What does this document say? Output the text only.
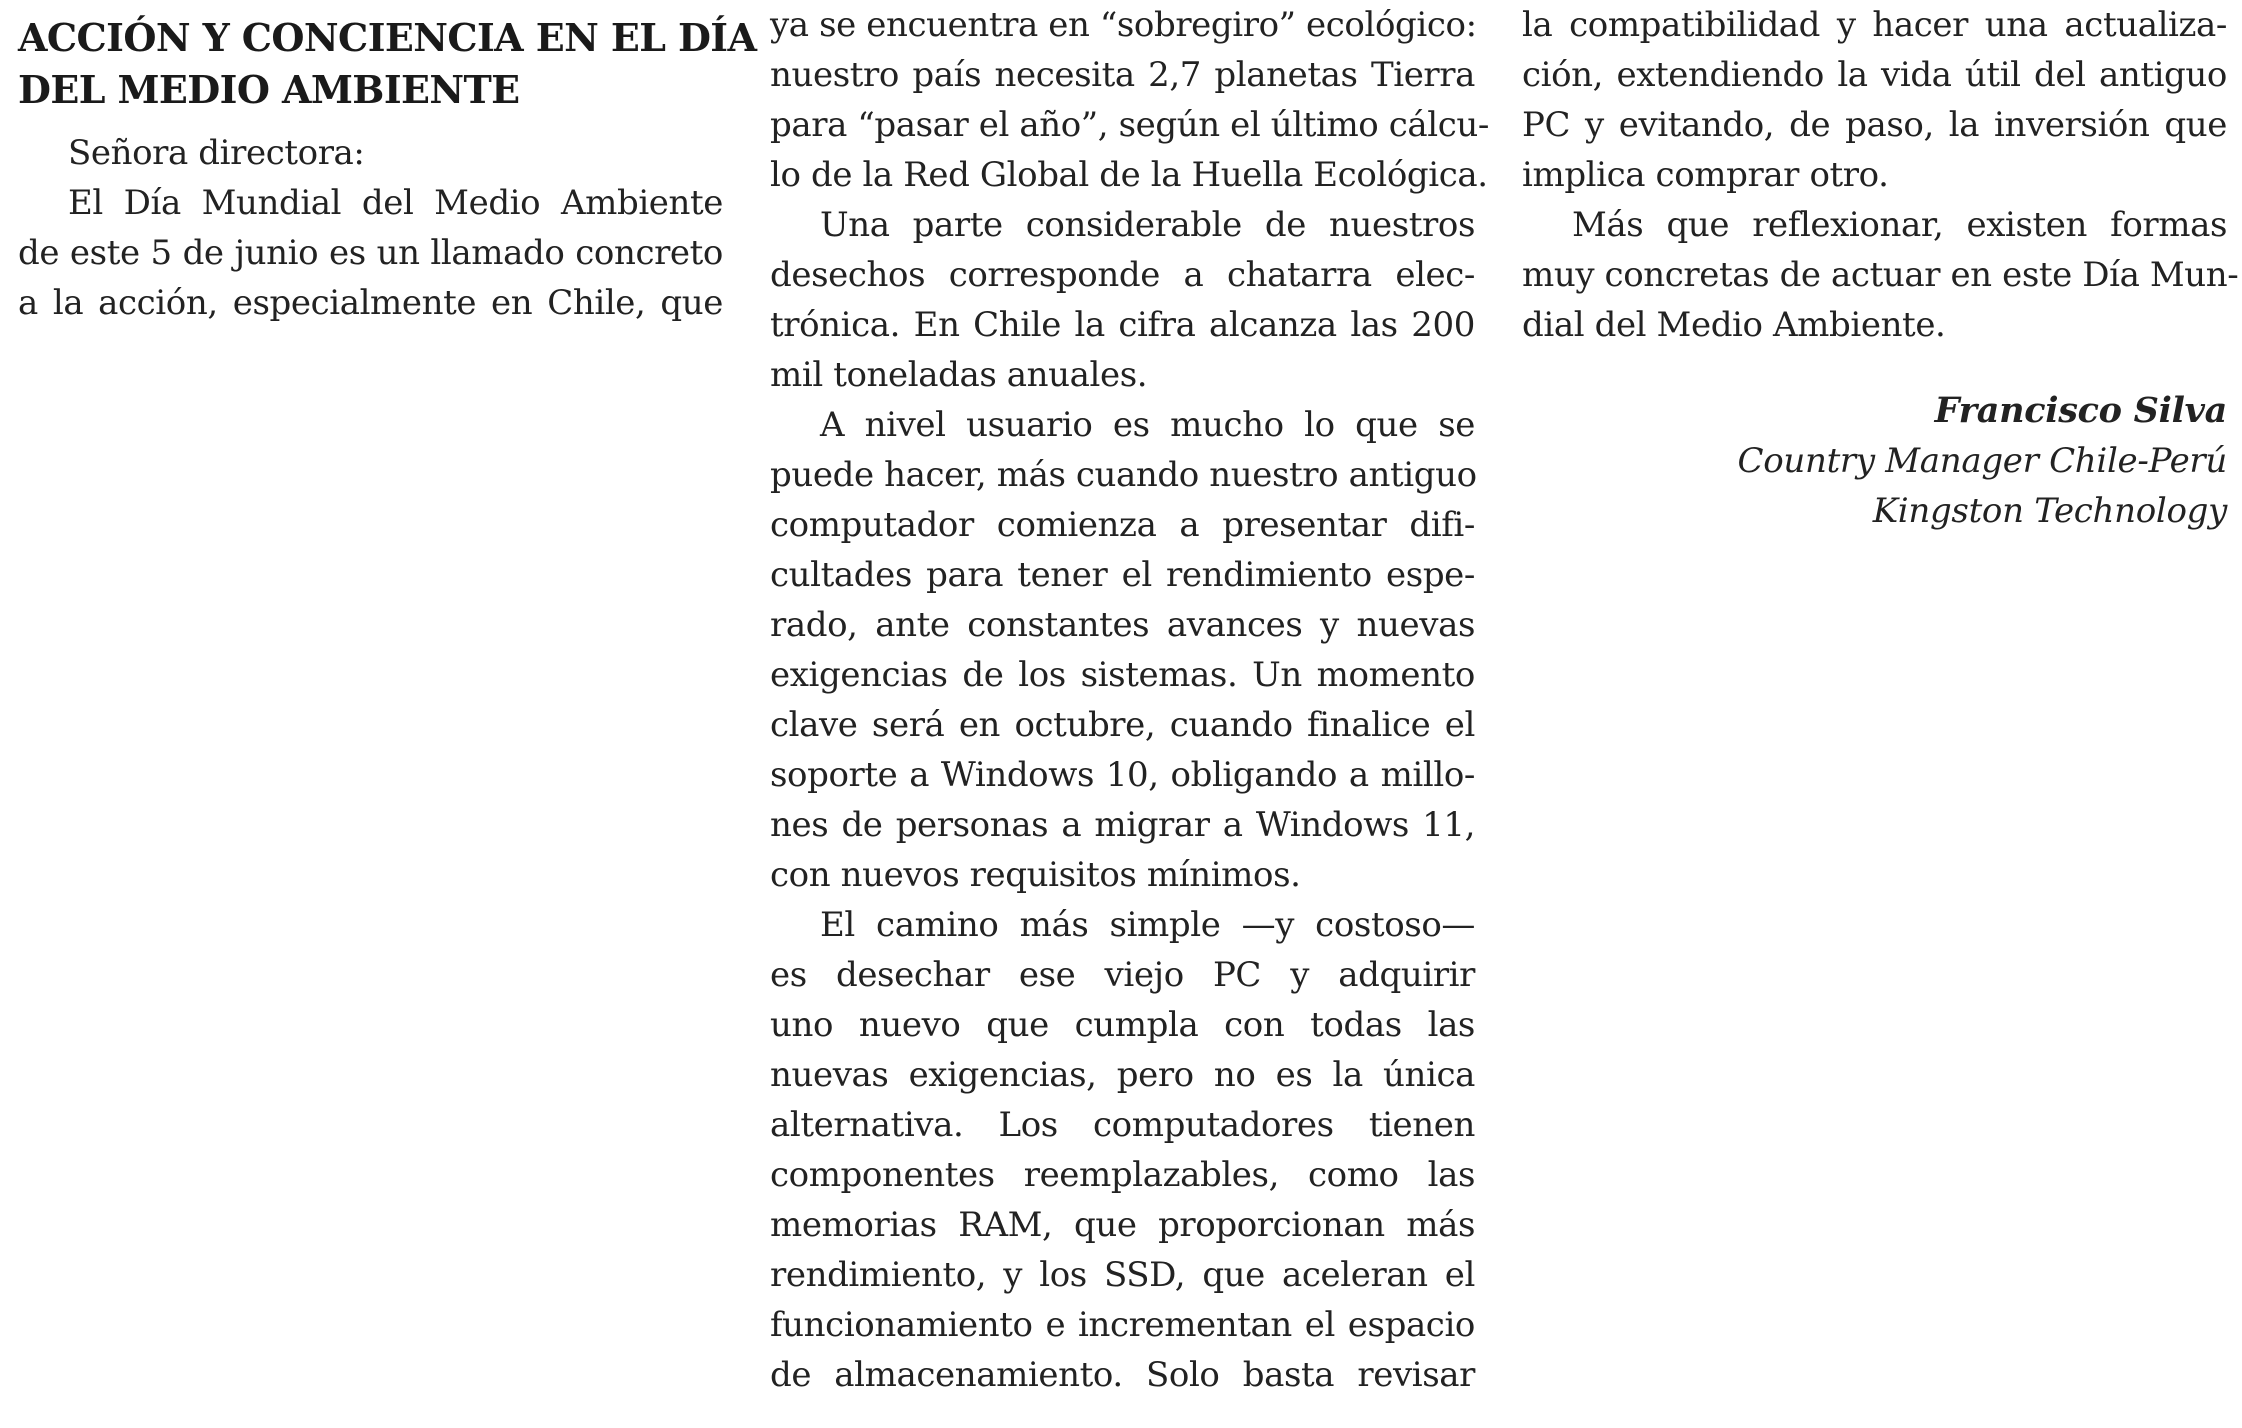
ACCIÓN Y CONCIENCIA EN EL DÍA
DEL MEDIO AMBIENTE
Señora directora:
El Día Mundial del Medio Ambiente
de este 5 de junio es un llamado concreto
a la acción, especialmente en Chile, que
ya se encuentra en “sobregiro” ecológico:
nuestro país necesita 2,7 planetas Tierra
para “pasar el año”, según el último cálcu-
lo de la Red Global de la Huella Ecológica.
Una parte considerable de nuestros
desechos corresponde a chatarra elec-
trónica. En Chile la cifra alcanza las 200
mil toneladas anuales.
A nivel usuario es mucho lo que se
puede hacer, más cuando nuestro antiguo
computador comienza a presentar difi-
cultades para tener el rendimiento espe-
rado, ante constantes avances y nuevas
exigencias de los sistemas. Un momento
clave será en octubre, cuando finalice el
soporte a Windows 10, obligando a millo-
nes de personas a migrar a Windows 11,
con nuevos requisitos mínimos.
El camino más simple —y costoso—
es desechar ese viejo PC y adquirir
uno nuevo que cumpla con todas las
nuevas exigencias, pero no es la única
alternativa. Los computadores tienen
componentes reemplazables, como las
memorias RAM, que proporcionan más
rendimiento, y los SSD, que aceleran el
funcionamiento e incrementan el espacio
de almacenamiento. Solo basta revisar
la compatibilidad y hacer una actualiza-
ción, extendiendo la vida útil del antiguo
PC y evitando, de paso, la inversión que
implica comprar otro.
Más que reflexionar, existen formas
muy concretas de actuar en este Día Mun-
dial del Medio Ambiente.
Francisco Silva
Country Manager Chile-Perú
Kingston Technology
